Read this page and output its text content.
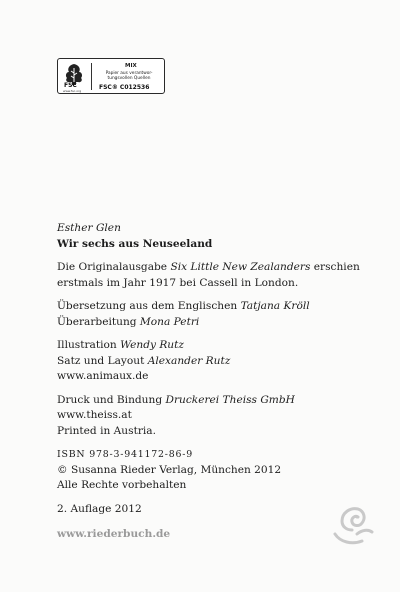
FSC
www.fsc.org
MIX
Papier aus verantwor-
tungsvollen Quellen
FSC® C012536
Esther Glen
Wir sechs aus Neuseeland
Die Originalausgabe Six Little New Zealanders erschien
erstmals im Jahr 1917 bei Cassell in London.
Übersetzung aus dem Englischen Tatjana Kröll
Überarbeitung Mona Petri
Illustration Wendy Rutz
Satz und Layout Alexander Rutz
www.animaux.de
Druck und Bindung Druckerei Theiss GmbH
www.theiss.at
Printed in Austria.
ISBN 978-3-941172-86-9
© Susanna Rieder Verlag, München 2012
Alle Rechte vorbehalten
2. Auflage 2012
www.riederbuch.de
